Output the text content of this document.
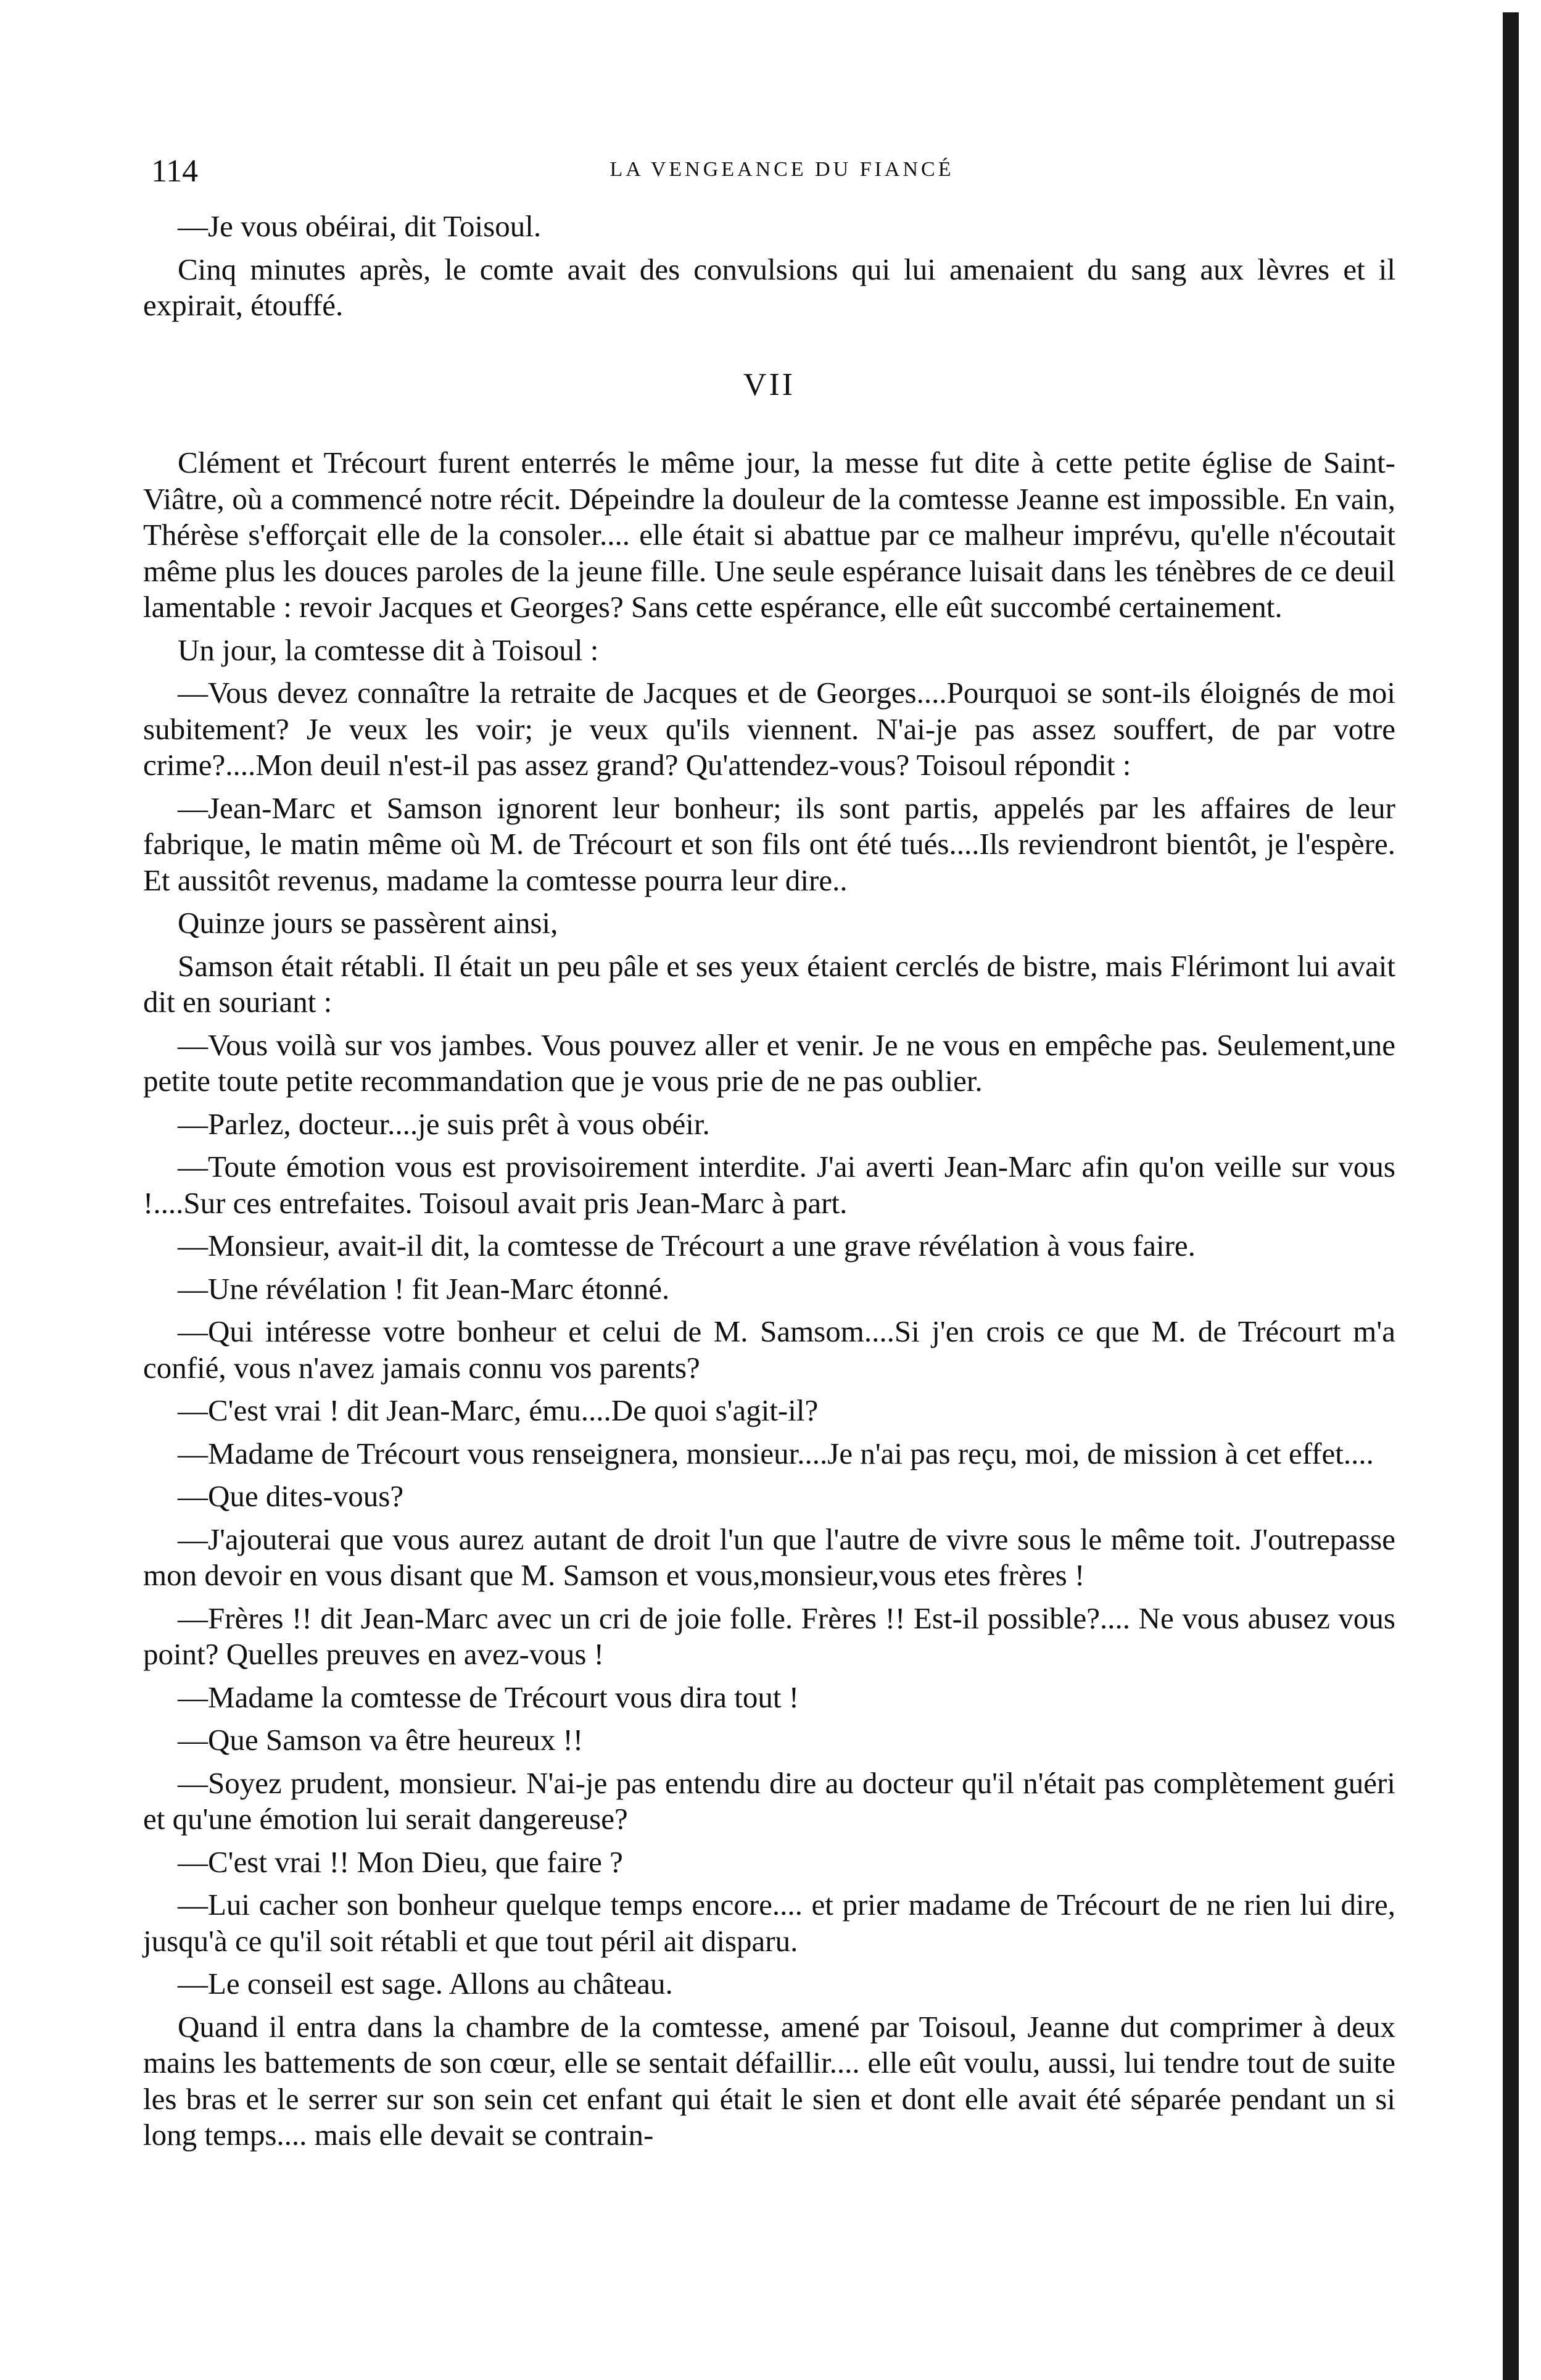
114	LA VENGEANCE DU FIANCÉ

—Je vous obéirai, dit Toisoul.

Cinq minutes après, le comte avait des convulsions qui lui amenaient du sang aux lèvres et il expirait, étouffé.

VII

Clément et Trécourt furent enterrés le même jour, la messe fut dite à cette petite église de Saint-Viâtre, où a commencé notre récit. Dépeindre la douleur de la comtesse Jeanne est impossible. En vain, Thérèse s'efforçait elle de la consoler.... elle était si abattue par ce malheur imprévu, qu'elle n'écoutait même plus les douces paroles de la jeune fille. Une seule espérance luisait dans les ténèbres de ce deuil lamentable : revoir Jacques et Georges? Sans cette espérance, elle eût succombé certainement.

Un jour, la comtesse dit à Toisoul :

—Vous devez connaître la retraite de Jacques et de Georges....Pourquoi se sont-ils éloignés de moi subitement? Je veux les voir; je veux qu'ils viennent. N'ai-je pas assez souffert, de par votre crime?....Mon deuil n'est-il pas assez grand? Qu'attendez-vous? Toisoul répondit :

—Jean-Marc et Samson ignorent leur bonheur; ils sont partis, appelés par les affaires de leur fabrique, le matin même où M. de Trécourt et son fils ont été tués....Ils reviendront bientôt, je l'espère. Et aussitôt revenus, madame la comtesse pourra leur dire..

Quinze jours se passèrent ainsi,

Samson était rétabli. Il était un peu pâle et ses yeux étaient cerclés de bistre, mais Flérimont lui avait dit en souriant :

—Vous voilà sur vos jambes. Vous pouvez aller et venir. Je ne vous en empêche pas. Seulement,une petite toute petite recommandation que je vous prie de ne pas oublier.

—Parlez, docteur....je suis prêt à vous obéir.

—Toute émotion vous est provisoirement interdite. J'ai averti Jean-Marc afin qu'on veille sur vous !....Sur ces entrefaites. Toisoul avait pris Jean-Marc à part.

—Monsieur, avait-il dit, la comtesse de Trécourt a une grave révélation à vous faire.

—Une révélation ! fit Jean-Marc étonné.

—Qui intéresse votre bonheur et celui de M. Samsom....Si j'en crois ce que M. de Trécourt m'a confié, vous n'avez jamais connu vos parents?

—C'est vrai ! dit Jean-Marc, ému....De quoi s'agit-il?

—Madame de Trécourt vous renseignera, monsieur....Je n'ai pas reçu, moi, de mission à cet effet....

—Que dites-vous?

—J'ajouterai que vous aurez autant de droit l'un que l'autre de vivre sous le même toit. J'outrepasse mon devoir en vous disant que M. Samson et vous,monsieur,vous etes frères !

—Frères !! dit Jean-Marc avec un cri de joie folle. Frères !! Est-il possible?.... Ne vous abusez vous point? Quelles preuves en avez-vous !

—Madame la comtesse de Trécourt vous dira tout !

—Que Samson va être heureux !!

—Soyez prudent, monsieur. N'ai-je pas entendu dire au docteur qu'il n'était pas complètement guéri et qu'une émotion lui serait dangereuse?

—C'est vrai !! Mon Dieu, que faire ?

—Lui cacher son bonheur quelque temps encore.... et prier madame de Trécourt de ne rien lui dire, jusqu'à ce qu'il soit rétabli et que tout péril ait disparu.

—Le conseil est sage. Allons au château.

Quand il entra dans la chambre de la comtesse, amené par Toisoul, Jeanne dut comprimer à deux mains les battements de son cœur, elle se sentait défaillir.... elle eût voulu, aussi, lui tendre tout de suite les bras et le serrer sur son sein cet enfant qui était le sien et dont elle avait été séparée pendant un si long temps.... mais elle devait se contrain-
